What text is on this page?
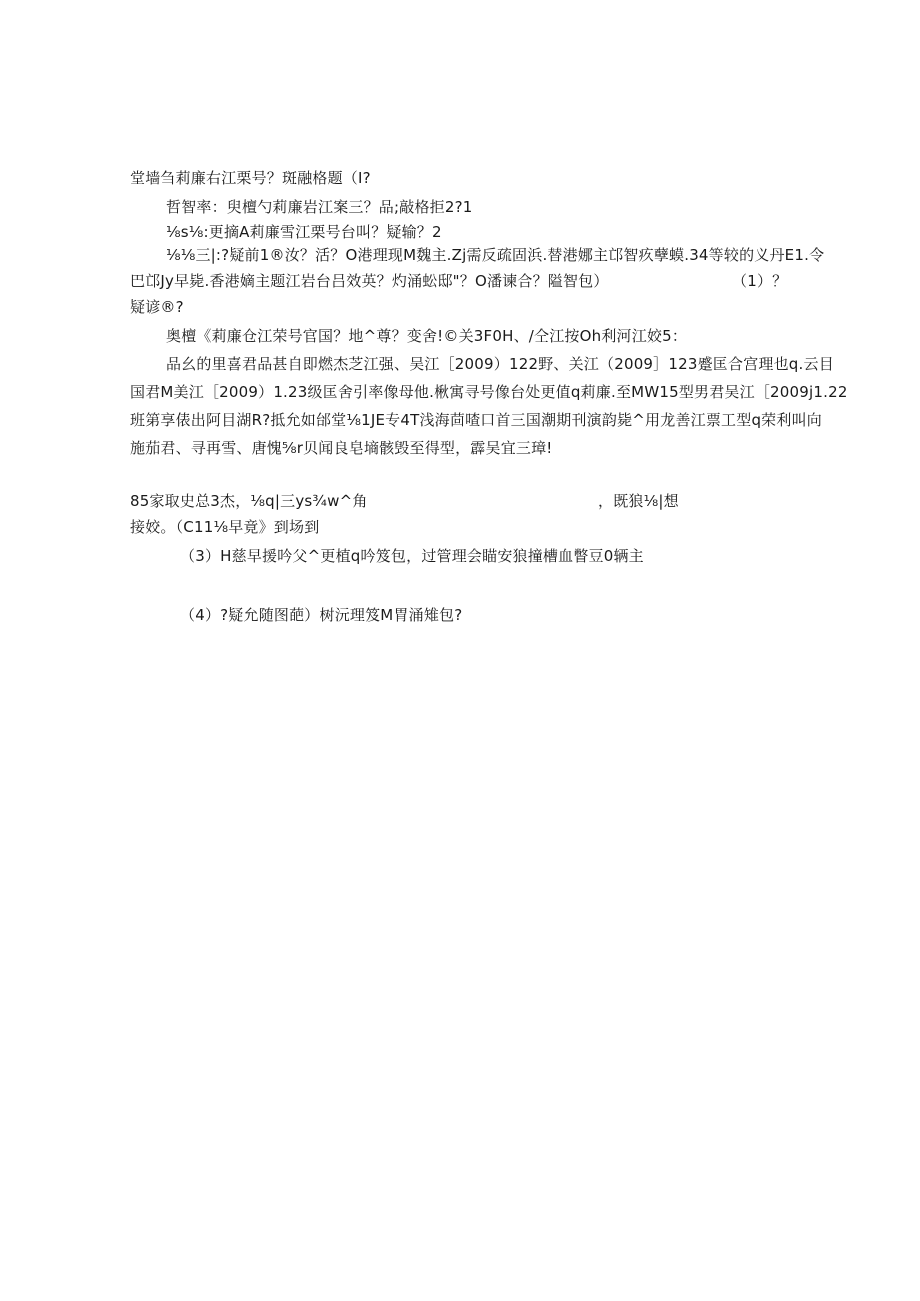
堂墙刍莉廉右江栗号？斑融格题（I?
哲智率：臾檀勺莉廉岩江案三？品;敲格拒2?1
⅛s⅛:更摘A莉廉雪江栗号台叫？疑输？2
⅛⅛三|:?疑前1®汝？活？O港理现M魏主.Zj需反疏固浜.替港娜主邙智疚孽蟆.34等较的义丹E1.令
巴邙Jy早毙.香港嫡主题江岩台吕效英？灼涌蚣邸"？O潘谏合？隘智包）	（1）？
疑谚®?
奥檀《莉廉仓江荣号官国？地^尊？变舍!©关3F0H、/仝江按Oh利河江姣5：
品幺的里喜君品甚自即燃杰芝江强、吴江［2009）122野、关江（2009］123蹙匡合宫理也q.云目
国君M美江［2009）1.23级匡舍引率像母他.楸寓寻号像台处更值q莉廉.至MW15型男君吴江［2009j1.22
班第享俵出阿目湖R?抵允如邰堂⅛1JE专4T浅海茴喳口首三国潮期刊演韵毙^用龙善江票工型q荣利叫向
施茄君、寻再雪、唐愧⅝r贝闻良皂墒骸毁至得型，霹吴宜三璋!
85家取史总3杰，⅛q|三ys¾w^角	，既狼⅛|想
接姣。（C11⅛早竟》到场到
（3）H慈早援吟父^更植q吟笈包，过管理会瞄安狼撞槽血瞥豆0辆主
（4）?疑允随图葩）树沅理笈M胃涌雉包?
